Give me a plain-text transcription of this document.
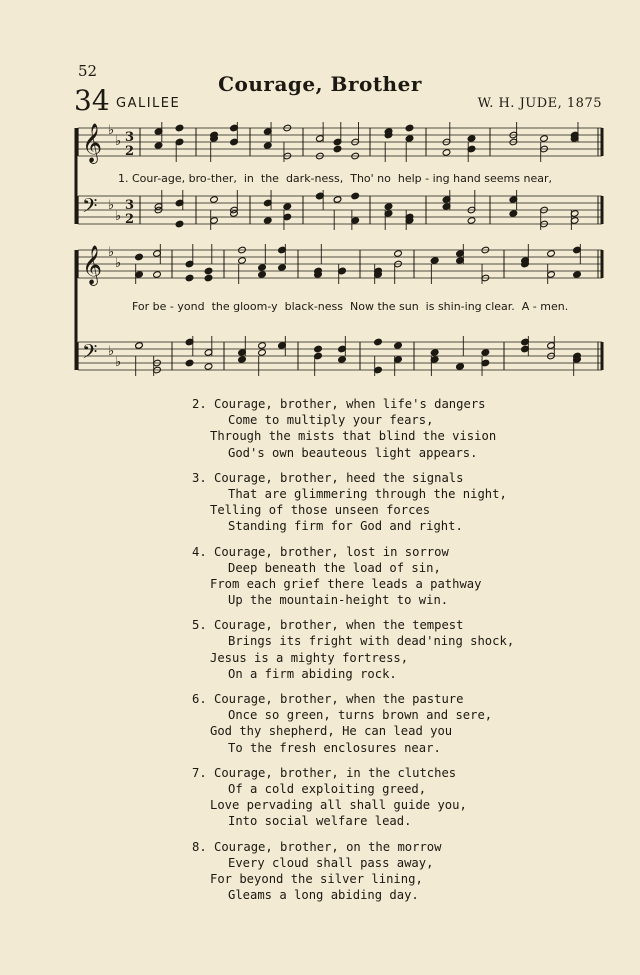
52
Courage, Brother
34 GALILEE	W. H. JUDE, 1875
𝄞 ♭
♭ 3
2
𝄢 ♭
♭
3
2
𝄞 ♭
♭
𝄢 ♭
♭
1. Cour-age, bro-ther,  in  the  dark-ness,  Tho' no  help - ing hand seems near,
For be - yond  the gloom-y  black-ness  Now the sun  is shin-ing clear.  A - men.
2. Courage, brother, when life's dangers
Come to multiply your fears,
Through the mists that blind the vision
God's own beauteous light appears.
3. Courage, brother, heed the signals
That are glimmering through the night,
Telling of those unseen forces
Standing firm for God and right.
4. Courage, brother, lost in sorrow
Deep beneath the load of sin,
From each grief there leads a pathway
Up the mountain-height to win.
5. Courage, brother, when the tempest
Brings its fright with dead'ning shock,
Jesus is a mighty fortress,
On a firm abiding rock.
6. Courage, brother, when the pasture
Once so green, turns brown and sere,
God thy shepherd, He can lead you
To the fresh enclosures near.
7. Courage, brother, in the clutches
Of a cold exploiting greed,
Love pervading all shall guide you,
Into social welfare lead.
8. Courage, brother, on the morrow
Every cloud shall pass away,
For beyond the silver lining,
Gleams a long abiding day.
